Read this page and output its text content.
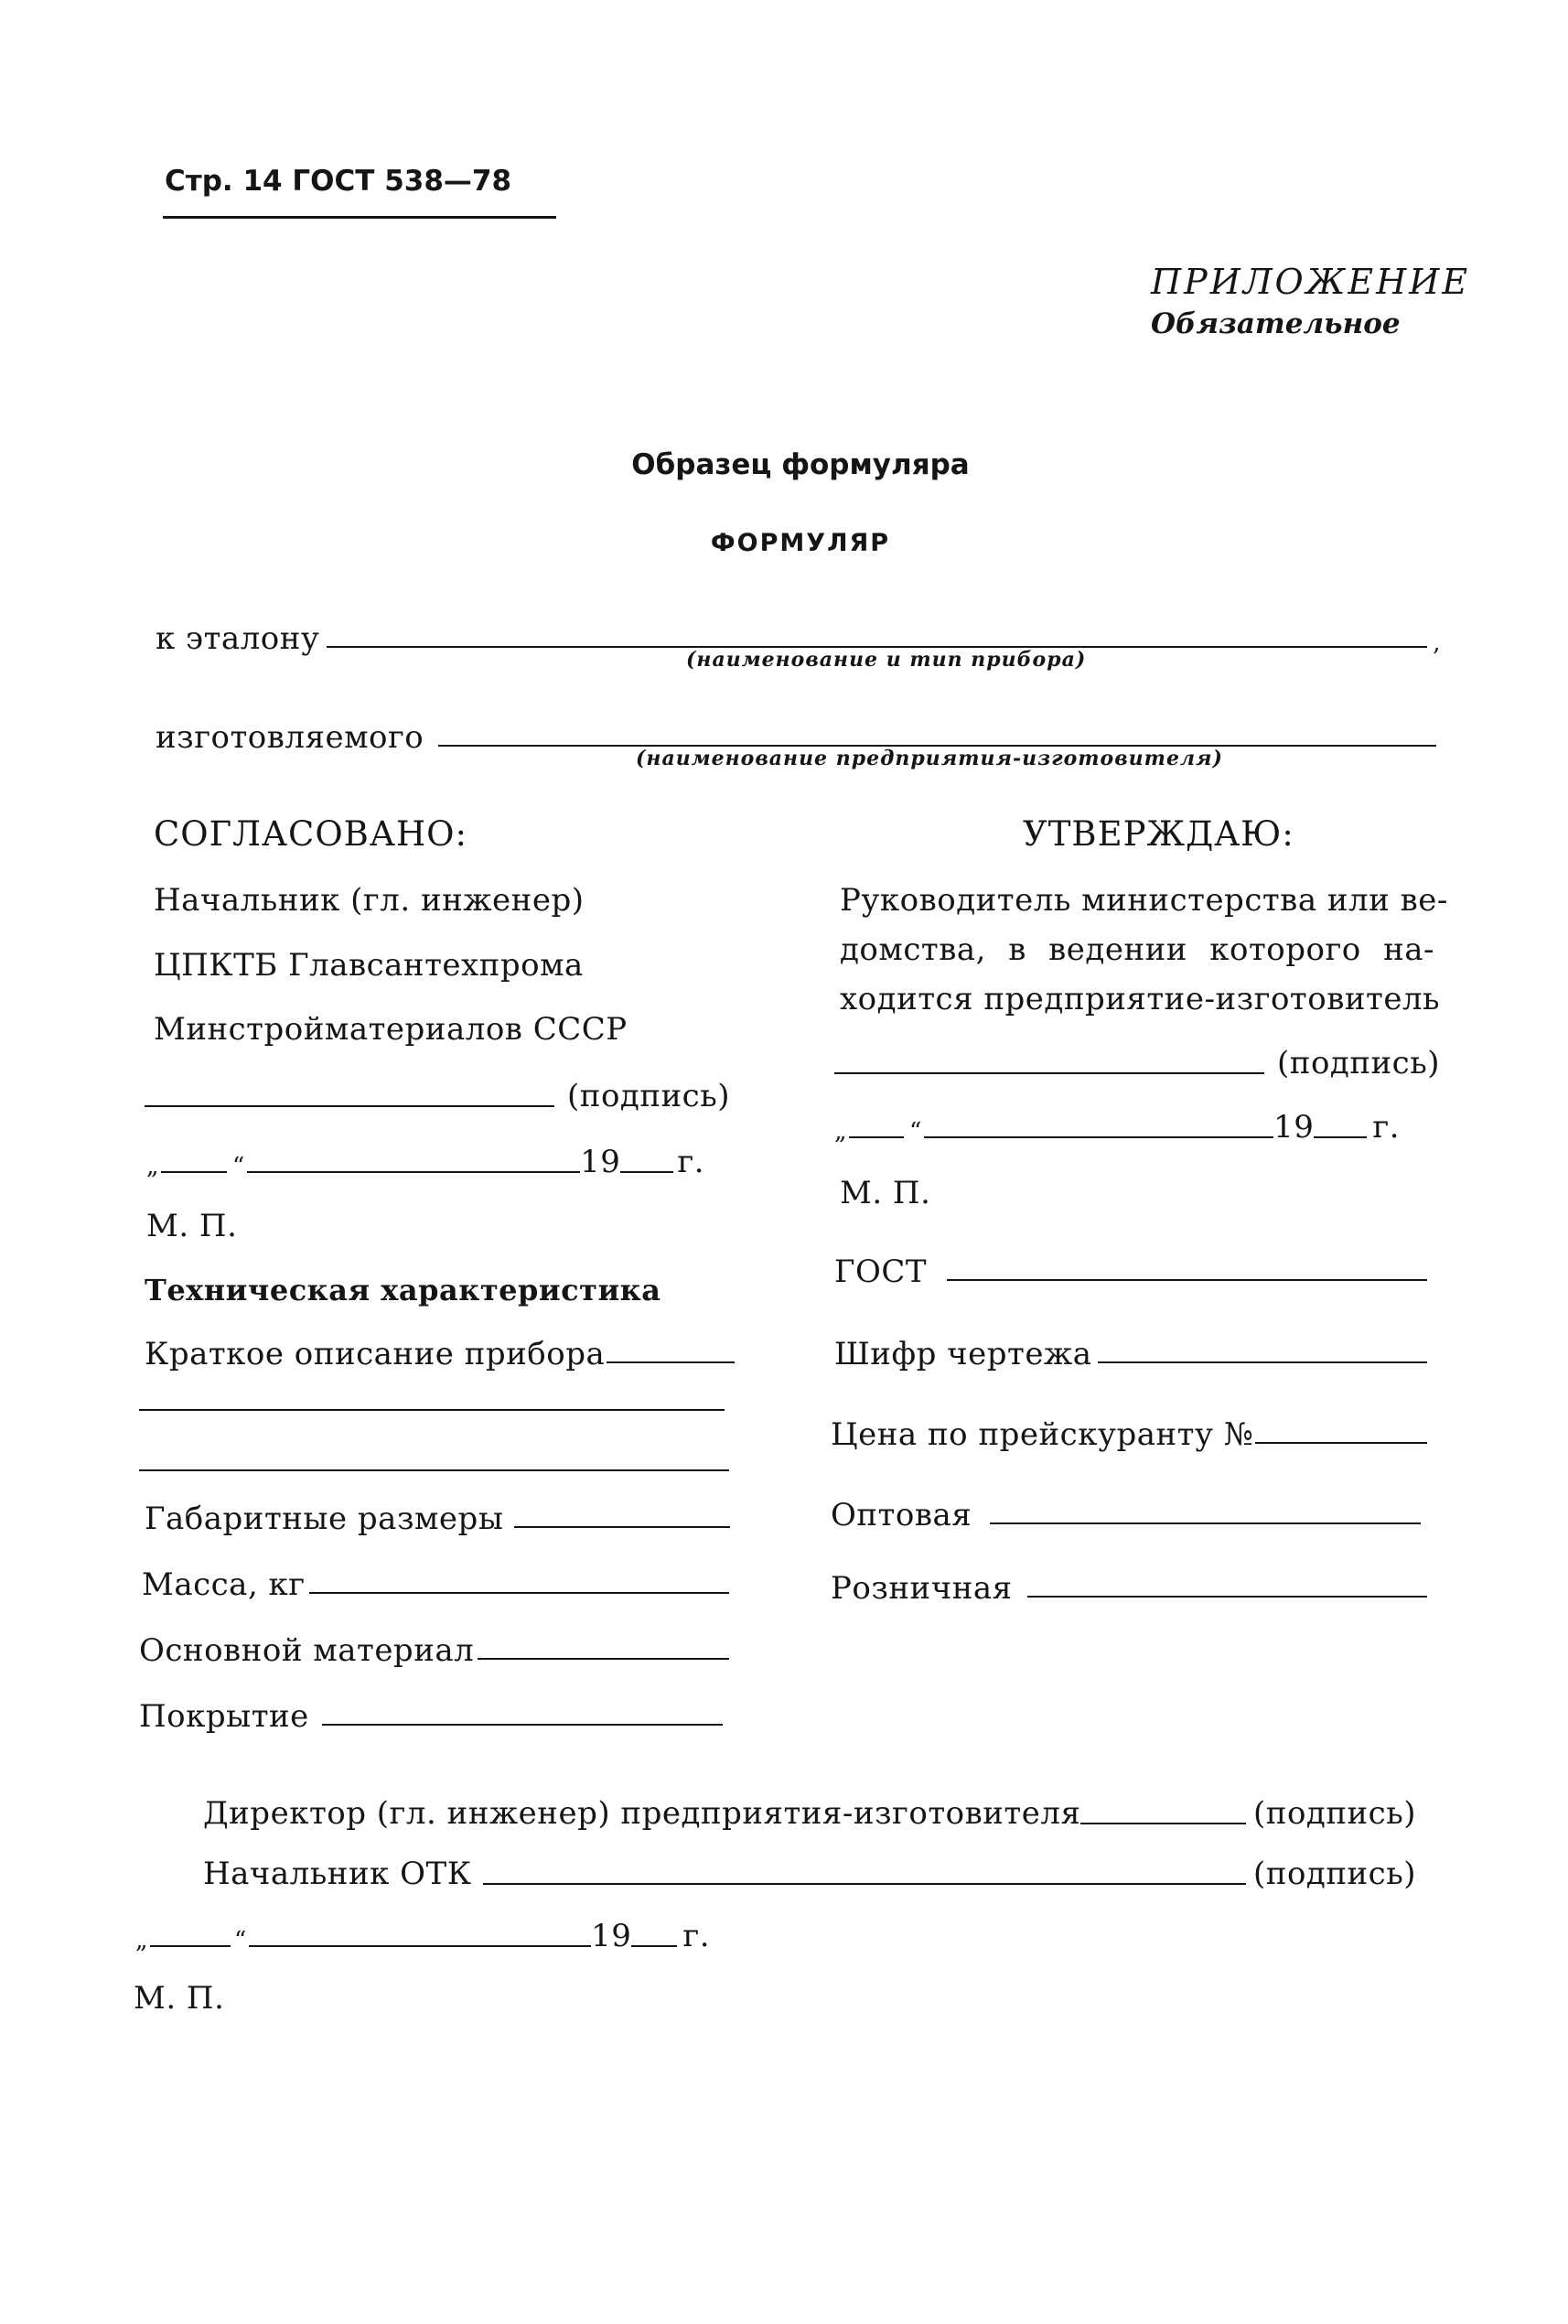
Стр. 14 ГОСТ 538—78
ПРИЛОЖЕНИЕ
Обязательное
Образец формуляра
ФОРМУЛЯР
к эталону	,
(наименование и тип прибора)
изготовляемого
(наименование предприятия-изготовителя)
СОГЛАСОВАНО:
Начальник (гл. инженер)
ЦПКТБ Главсантехпрома
Минстройматериалов СССР
(подпись)
„	“	19 г.
М. П.
Техническая характеристика
Краткое описание прибора
Габаритные размеры
Масса, кг
Основной материал
Покрытие
УТВЕРЖДАЮ:
Руководитель министерства или ве-
домства, в ведении которого на-
ходится предприятие-изготовитель
(подпись)
„	“	19 г.
М. П.
ГОСТ
Шифр чертежа
Цена по прейскуранту №
Оптовая
Розничная
Директор (гл. инженер) предприятия-изготовителя	(подпись)
Начальник ОТК	(подпись)
„	“	19 г.
М. П.
